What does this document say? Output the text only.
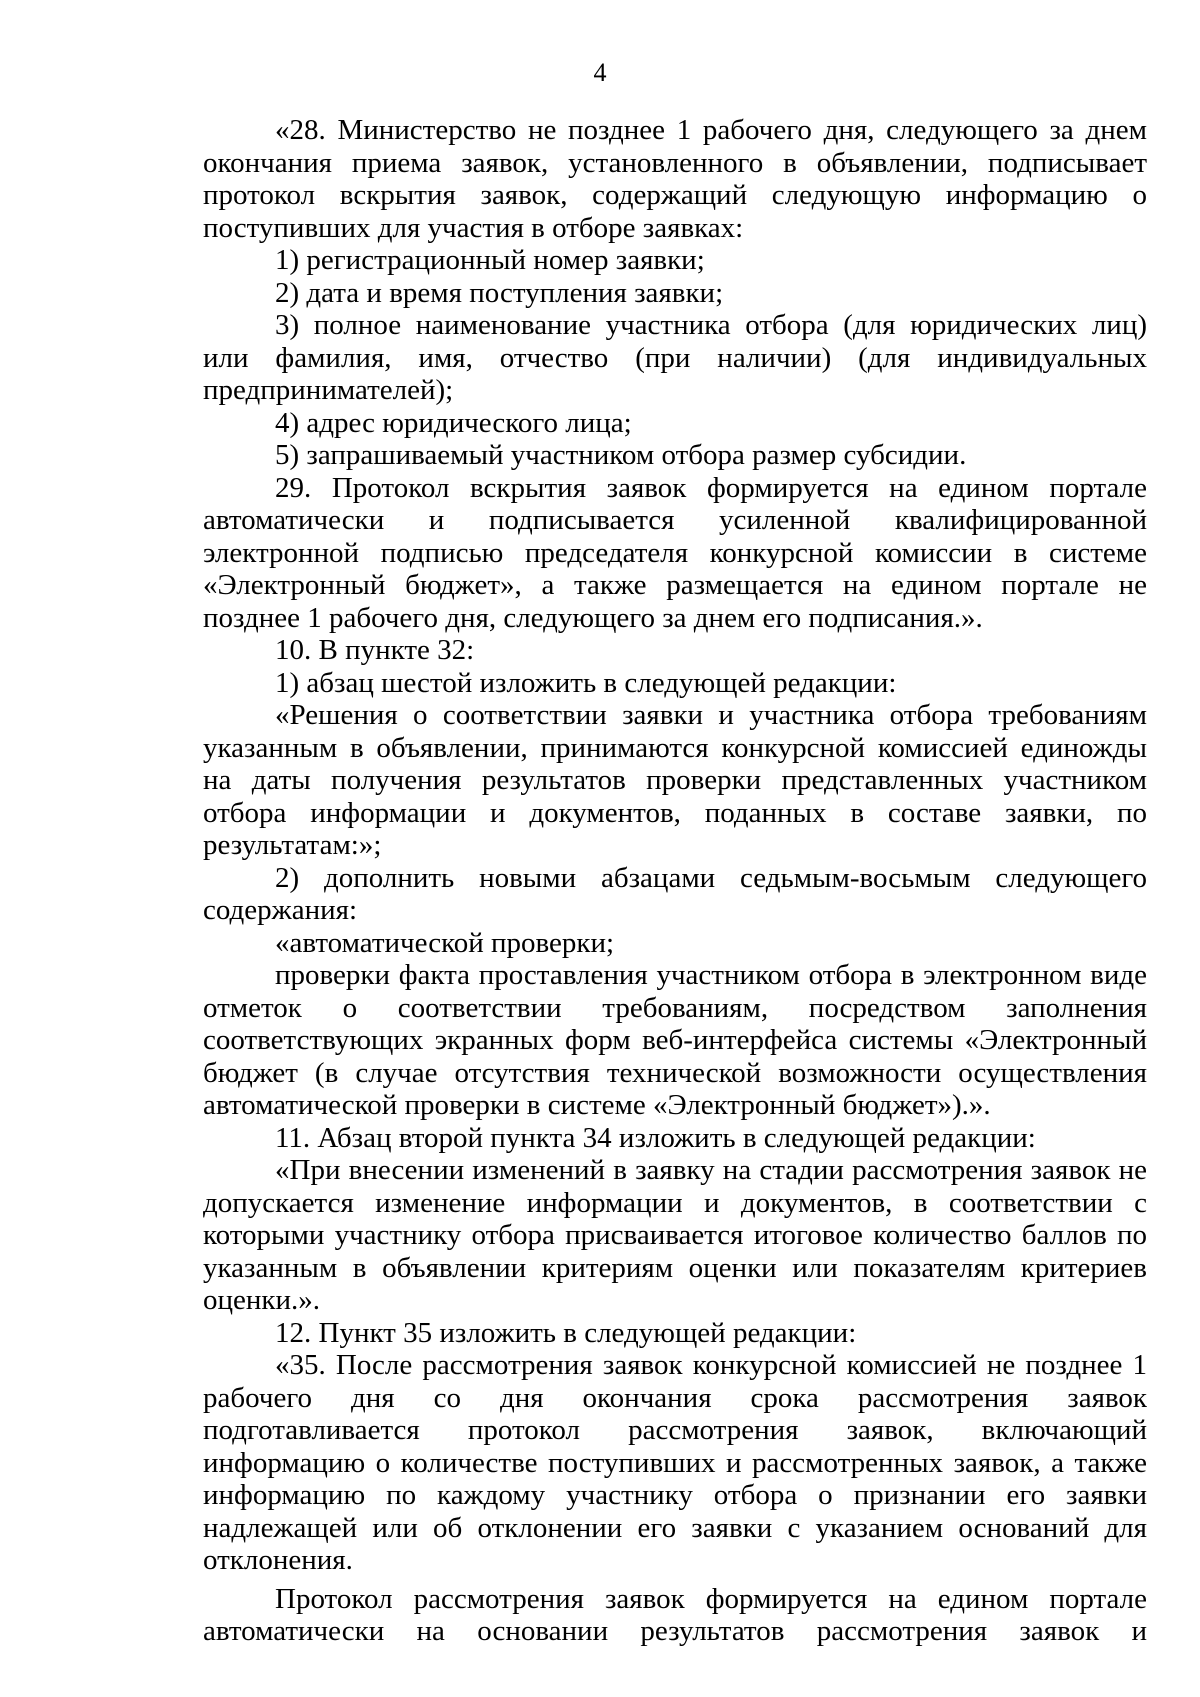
4

«28. Министерство не позднее 1 рабочего дня, следующего за днем окончания приема заявок, установленного в объявлении, подписывает протокол вскрытия заявок, содержащий следующую информацию о поступивших для участия в отборе заявках:

1) регистрационный номер заявки;

2) дата и время поступления заявки;

3) полное наименование участника отбора (для юридических лиц) или фамилия, имя, отчество (при наличии) (для индивидуальных предпринимателей);

4) адрес юридического лица;

5) запрашиваемый участником отбора размер субсидии.

29. Протокол вскрытия заявок формируется на едином портале автоматически и подписывается усиленной квалифицированной электронной подписью председателя конкурсной комиссии в системе «Электронный бюджет», а также размещается на едином портале не позднее 1 рабочего дня, следующего за днем его подписания.».

10. В пункте 32:

1) абзац шестой изложить в следующей редакции:

«Решения о соответствии заявки и участника отбора требованиям указанным в объявлении, принимаются конкурсной комиссией единожды на даты получения результатов проверки представленных участником отбора информации и документов, поданных в составе заявки, по результатам:»;

2) дополнить новыми абзацами седьмым-восьмым следующего содержания:

«автоматической проверки;

проверки факта проставления участником отбора в электронном виде отметок о соответствии требованиям, посредством заполнения соответствующих экранных форм веб-интерфейса системы «Электронный бюджет (в случае отсутствия технической возможности осуществления автоматической проверки в системе «Электронный бюджет»).».

11. Абзац второй пункта 34 изложить в следующей редакции:

«При внесении изменений в заявку на стадии рассмотрения заявок не допускается изменение информации и документов, в соответствии с которыми участнику отбора присваивается итоговое количество баллов по указанным в объявлении критериям оценки или показателям критериев оценки.».

12. Пункт 35 изложить в следующей редакции:

«35. После рассмотрения заявок конкурсной комиссией не позднее 1 рабочего дня со дня окончания срока рассмотрения заявок подготавливается протокол рассмотрения заявок, включающий информацию о количестве поступивших и рассмотренных заявок, а также информацию по каждому участнику отбора о признании его заявки надлежащей или об отклонении его заявки с указанием оснований для отклонения.

Протокол рассмотрения заявок формируется на едином портале автоматически на основании результатов рассмотрения заявок и
